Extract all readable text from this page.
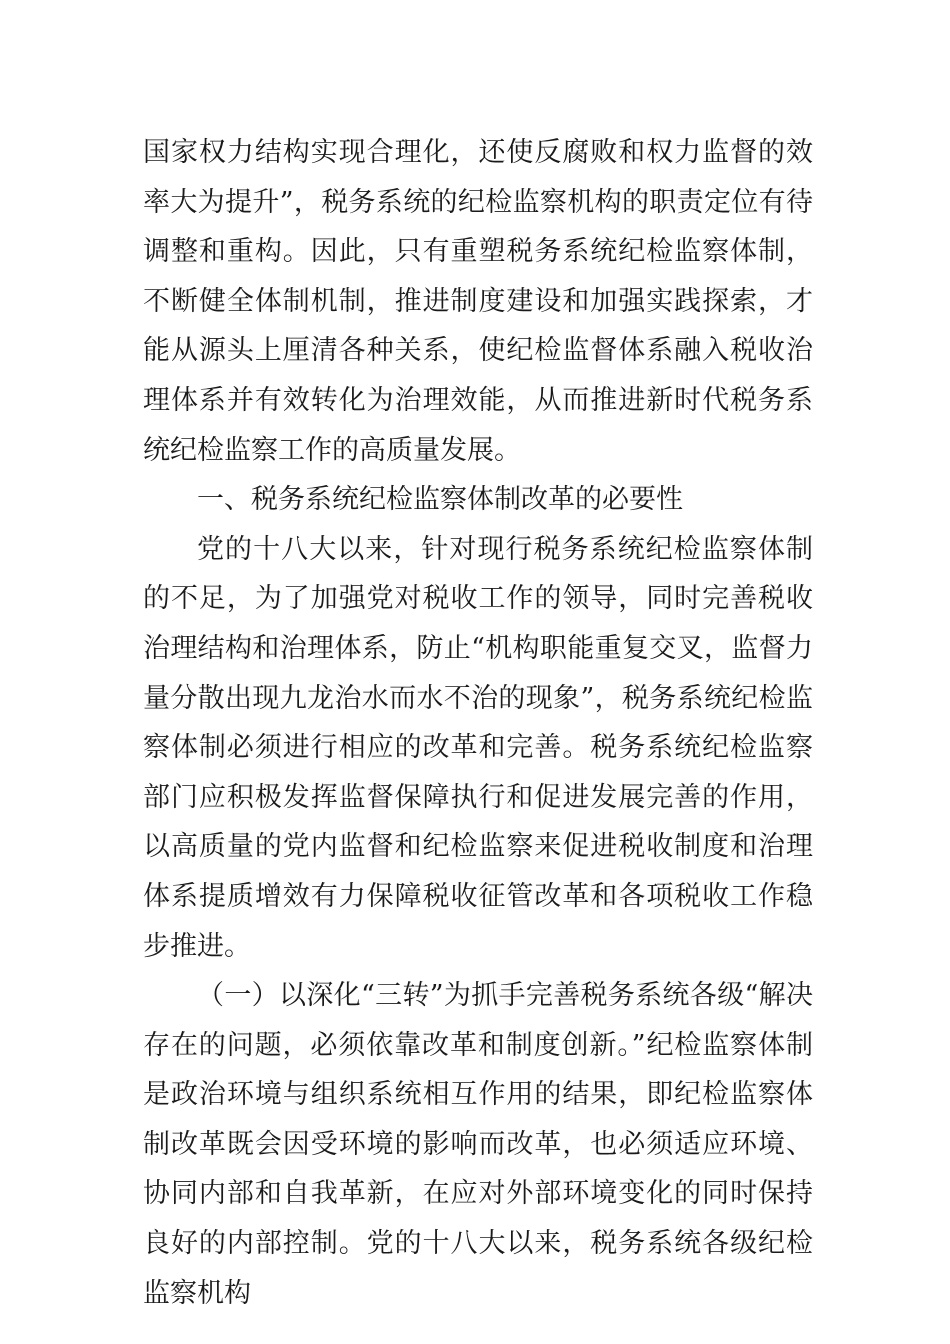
国家权力结构实现合理化，还使反腐败和权力监督的效率大为提升”，税务系统的纪检监察机构的职责定位有待调整和重构。因此，只有重塑税务系统纪检监察体制，不断健全体制机制，推进制度建设和加强实践探索，才能从源头上厘清各种关系，使纪检监督体系融入税收治理体系并有效转化为治理效能，从而推进新时代税务系统纪检监察工作的高质量发展。

一、税务系统纪检监察体制改革的必要性

党的十八大以来，针对现行税务系统纪检监察体制的不足，为了加强党对税收工作的领导，同时完善税收治理结构和治理体系，防止“机构职能重复交叉，监督力量分散出现九龙治水而水不治的现象”，税务系统纪检监察体制必须进行相应的改革和完善。税务系统纪检监察部门应积极发挥监督保障执行和促进发展完善的作用，以高质量的党内监督和纪检监察来促进税收制度和治理体系提质增效有力保障税收征管改革和各项税收工作稳步推进。

（一）以深化“三转”为抓手完善税务系统各级“解决存在的问题，必须依靠改革和制度创新。”纪检监察体制是政治环境与组织系统相互作用的结果，即纪检监察体制改革既会因受环境的影响而改革，也必须适应环境、协同内部和自我革新，在应对外部环境变化的同时保持良好的内部控制。党的十八大以来，税务系统各级纪检监察机构
